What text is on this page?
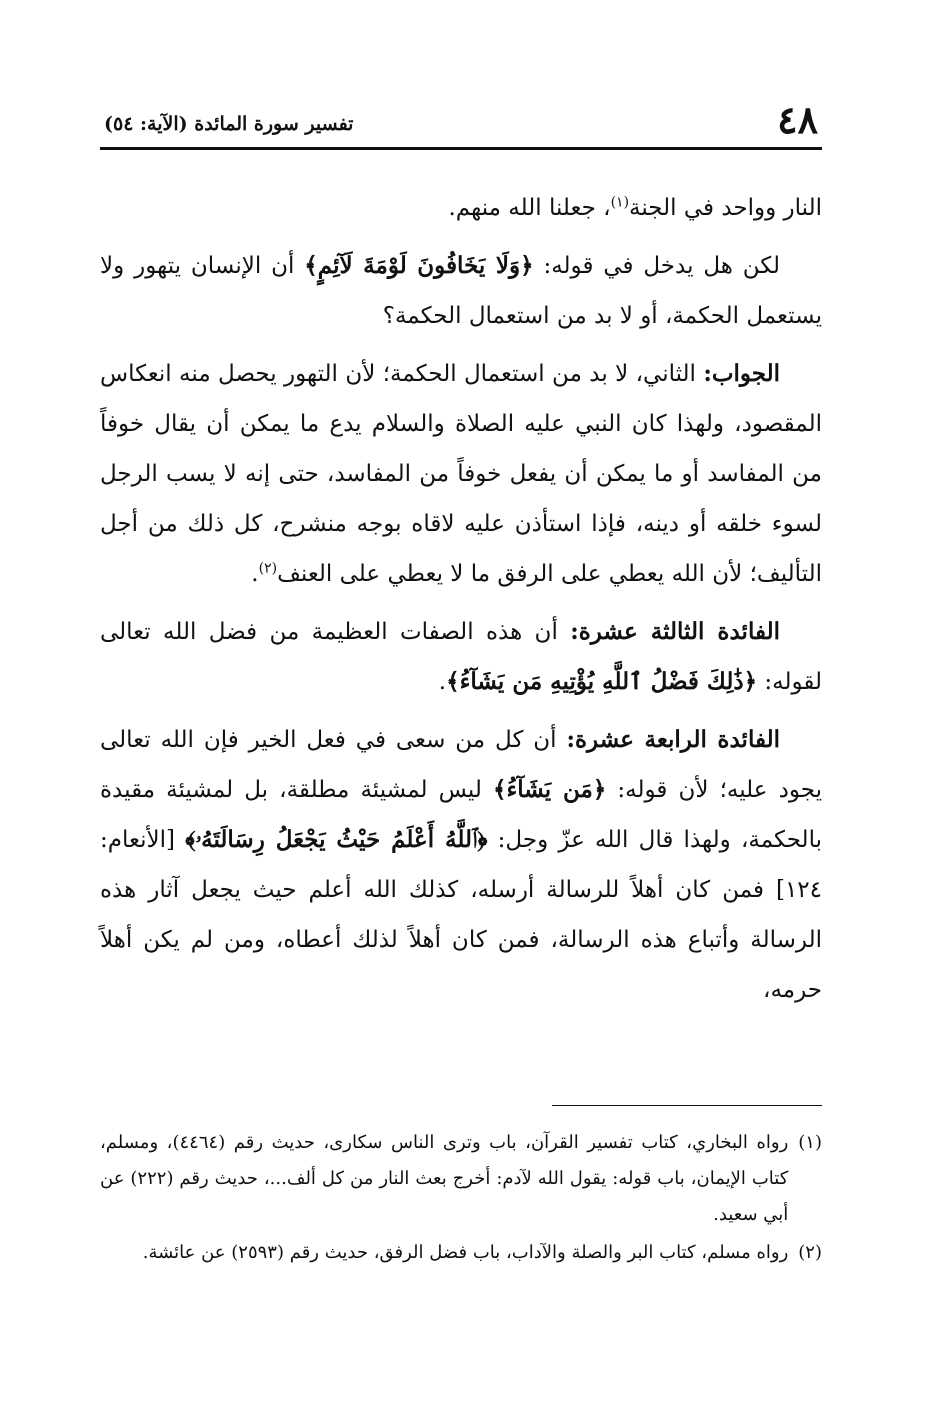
٤٨
تفسير سورة المائدة (الآية: ٥٤)

النار وواحد في الجنة$^{(١)}$، جعلنا الله منهم.

لكن هل يدخل في قوله: ﴿وَلَا يَخَافُونَ لَوْمَةَ لَآئِمٍ﴾ أن الإنسان يتهور ولا يستعمل الحكمة، أو لا بد من استعمال الحكمة؟

الجواب: الثاني، لا بد من استعمال الحكمة؛ لأن التهور يحصل منه انعكاس المقصود، ولهذا كان النبي عليه الصلاة والسلام يدع ما يمكن أن يقال خوفاً من المفاسد أو ما يمكن أن يفعل خوفاً من المفاسد، حتى إنه لا يسب الرجل لسوء خلقه أو دينه، فإذا استأذن عليه لاقاه بوجه منشرح، كل ذلك من أجل التأليف؛ لأن الله يعطي على الرفق ما لا يعطي على العنف$^{(٢)}$.

الفائدة الثالثة عشرة: أن هذه الصفات العظيمة من فضل الله تعالى لقوله: ﴿ذَٰلِكَ فَضْلُ ٱللَّهِ يُؤْتِيهِ مَن يَشَآءُ﴾.

الفائدة الرابعة عشرة: أن كل من سعى في فعل الخير فإن الله تعالى يجود عليه؛ لأن قوله: ﴿مَن يَشَآءُ﴾ ليس لمشيئة مطلقة، بل لمشيئة مقيدة بالحكمة، ولهذا قال الله عزّ وجل: ﴿ٱللَّهُ أَعْلَمُ حَيْثُ يَجْعَلُ رِسَالَتَهُۥ﴾ [الأنعام: ١٢٤] فمن كان أهلاً للرسالة أرسله، كذلك الله أعلم حيث يجعل آثار هذه الرسالة وأتباع هذه الرسالة، فمن كان أهلاً لذلك أعطاه، ومن لم يكن أهلاً حرمه،

(١)
رواه البخاري، كتاب تفسير القرآن، باب وترى الناس سكارى، حديث رقم (٤٤٦٤)، ومسلم، كتاب الإيمان، باب قوله: يقول الله لآدم: أخرج بعث النار من كل ألف...، حديث رقم (٢٢٢) عن أبي سعيد.
(٢)
رواه مسلم، كتاب البر والصلة والآداب، باب فضل الرفق، حديث رقم (٢٥٩٣) عن عائشة.
